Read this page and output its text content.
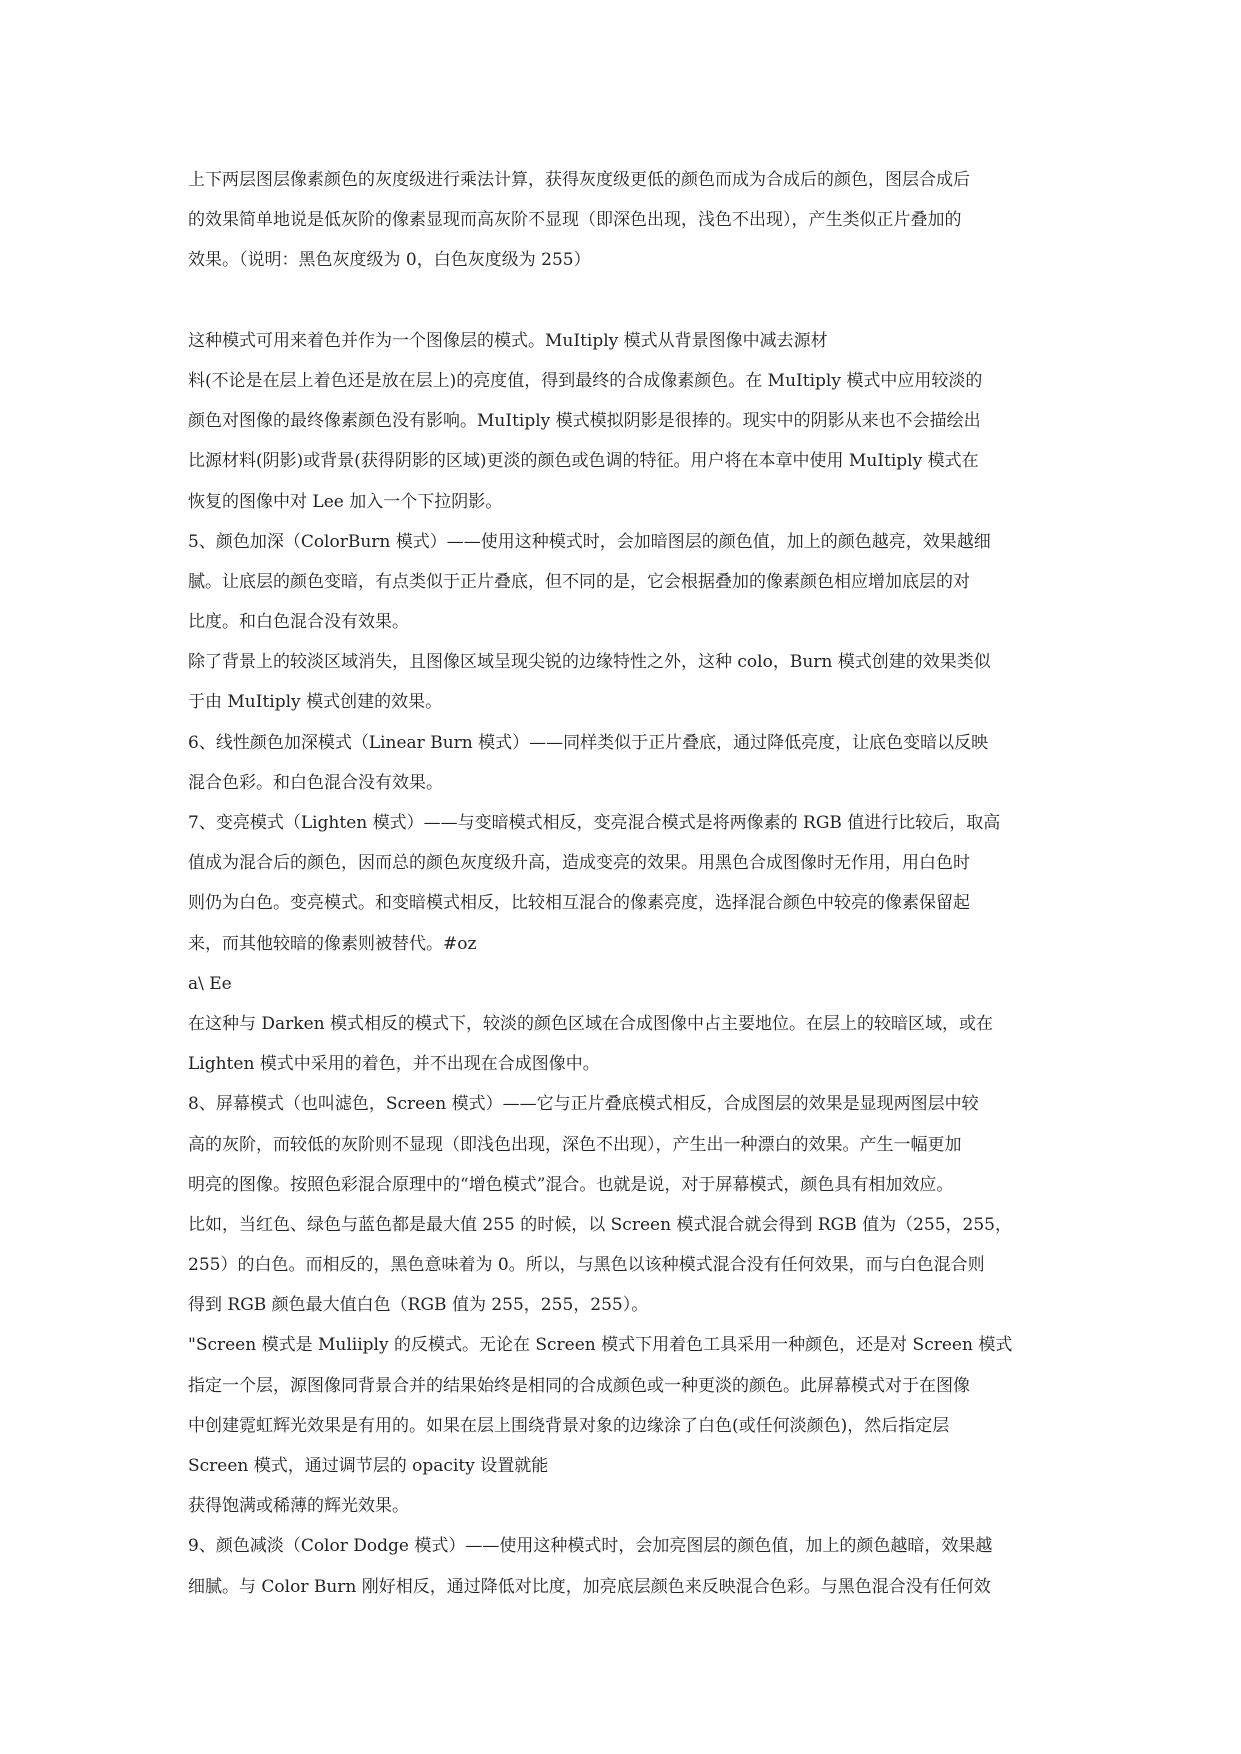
上下两层图层像素颜色的灰度级进行乘法计算，获得灰度级更低的颜色而成为合成后的颜色，图层合成后
的效果简单地说是低灰阶的像素显现而高灰阶不显现（即深色出现，浅色不出现），产生类似正片叠加的
效果。（说明：黑色灰度级为 0，白色灰度级为 255）
这种模式可用来着色并作为一个图像层的模式。MuItiply 模式从背景图像中减去源材
料(不论是在层上着色还是放在层上)的亮度值，得到最终的合成像素颜色。在 MuItiply 模式中应用较淡的
颜色对图像的最终像素颜色没有影响。MuItiply 模式模拟阴影是很捧的。现实中的阴影从来也不会描绘出
比源材料(阴影)或背景(获得阴影的区域)更淡的颜色或色调的特征。用户将在本章中使用 MuItiply 模式在
恢复的图像中对 Lee 加入一个下拉阴影。
5、颜色加深（ColorBurn 模式）——使用这种模式时，会加暗图层的颜色值，加上的颜色越亮，效果越细
腻。让底层的颜色变暗，有点类似于正片叠底，但不同的是，它会根据叠加的像素颜色相应增加底层的对
比度。和白色混合没有效果。
除了背景上的较淡区域消失，且图像区域呈现尖锐的边缘特性之外，这种 colo，Burn 模式创建的效果类似
于由 MuItiply 模式创建的效果。
6、线性颜色加深模式（Linear Burn 模式）——同样类似于正片叠底，通过降低亮度，让底色变暗以反映
混合色彩。和白色混合没有效果。
7、变亮模式（Lighten 模式）——与变暗模式相反，变亮混合模式是将两像素的 RGB 值进行比较后，取高
值成为混合后的颜色，因而总的颜色灰度级升高，造成变亮的效果。用黑色合成图像时无作用，用白色时
则仍为白色。变亮模式。和变暗模式相反，比较相互混合的像素亮度，选择混合颜色中较亮的像素保留起
来，而其他较暗的像素则被替代。#oz
a\ Ee
在这种与 Darken 模式相反的模式下，较淡的颜色区域在合成图像中占主要地位。在层上的较暗区域，或在
Lighten 模式中采用的着色，并不出现在合成图像中。
8、屏幕模式（也叫滤色，Screen 模式）——它与正片叠底模式相反，合成图层的效果是显现两图层中较
高的灰阶，而较低的灰阶则不显现（即浅色出现，深色不出现），产生出一种漂白的效果。产生一幅更加
明亮的图像。按照色彩混合原理中的“增色模式”混合。也就是说，对于屏幕模式，颜色具有相加效应。
比如，当红色、绿色与蓝色都是最大值 255 的时候，以 Screen 模式混合就会得到 RGB 值为（255，255，
255）的白色。而相反的，黑色意味着为 0。所以，与黑色以该种模式混合没有任何效果，而与白色混合则
得到 RGB 颜色最大值白色（RGB 值为 255，255，255）。
"Screen 模式是 Muliiply 的反模式。无论在 Screen 模式下用着色工具采用一种颜色，还是对 Screen 模式
指定一个层，源图像同背景合并的结果始终是相同的合成颜色或一种更淡的颜色。此屏幕模式对于在图像
中创建霓虹辉光效果是有用的。如果在层上围绕背景对象的边缘涂了白色(或任何淡颜色)，然后指定层
Screen 模式，通过调节层的 opacity 设置就能
获得饱满或稀薄的辉光效果。
9、颜色减淡（Color Dodge 模式）——使用这种模式时，会加亮图层的颜色值，加上的颜色越暗，效果越
细腻。与 Color Burn 刚好相反，通过降低对比度，加亮底层颜色来反映混合色彩。与黑色混合没有任何效
